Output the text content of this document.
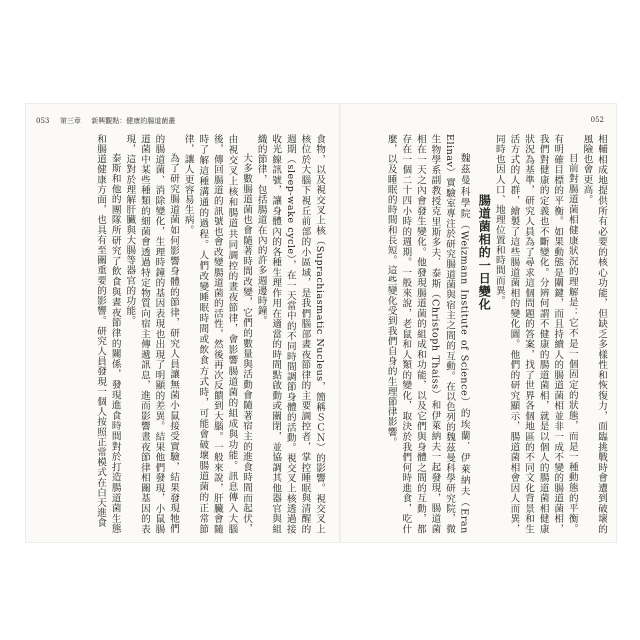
053 第三章 新興觀點：健康的腸道菌叢

食物，以及視交叉上核（Suprachiasmatic Nucleus，簡稱ＳＣＮ）的影響。視交叉上核位於大腦下視丘前部的小區域，是我們腦部晝夜節律的主要調控者，掌控睡眠與清醒的週期（sleep-wake cycle），在一天當中的不同時間調節身體的活動。視交叉上核透過接收光線訊號，讓身體內的各種生理作用在適當的時間點啟動或關閉，並協調其他器官與組織的節律，包括腸道在內的許多週邊時鐘。

大多數腸道菌也會隨著時間改變，它們的數量與活動會隨著宿主的進食時間而起伏，由視交叉上核和腸道共同調控的晝夜節律，會影響腸道菌的組成與功能。訊息傳入大腦後，傳回腸道的訊號也會改變腸道菌的活性，然後再次反饋到大腦。一般來說，肝臟會隨時了解這種溝通的過程。人們改變睡眠時間或飲食方式時，可能會破壞腸道菌的正常節律，讓人更容易生病。

為了研究腸道菌如何影響身體的節律，研究人員讓無菌小鼠接受實驗，結果發現牠們的腸道菌、消除變化，生理時鐘的基因表現也出現了明顯的差異。結果他們發現，小鼠腸道菌中某些種類的細菌會透過特定物質向宿主傳遞訊息，進而影響晝夜節律相關基因的表現，這對於理解肝臟與大腸等器官的功能。

泰斯和他的團隊所研究了飲食與晝夜節律的關係，發現進食時間對於打造腸道菌生態和腸道健康方面，也具有至關重要的影響。研究人員發現一個人按照正常模式在白天進食

052

相輔相成地提供所有必要的核心功能，但缺乏多樣性和恢復力，面臨挑戰時會遭到破壞的風險也會更高。

目前對腸道菌相健康狀況的理解是：它不是一個固定的狀態，而是一種動態的平衡。有明確目標的平衡。如果動態是關鍵，而且持續人的腸道菌相並非一成不變的腸道菌相，我們對健康的定義也不斷變化。分辨何謂不健康的腸道菌相，就是以個人的腸道菌相健康狀況為基準，研究人員為了尋求這個問題的答案，找了世界各個地區的不同文化背景和生活方式的人群，繪製了這些腸道菌相的變化圖。他們的研究顯示，腸道菌相會因人而異，同時也因人口、地理位置和時間而異。

腸道菌相的一日變化

魏茲曼科學院（Weizmann Institute of Science）的埃蘭．伊萊納夫（Eran Elinav）實驗室專注於研究腸道菌與宿主之間的互動。在以色列的魏茲曼科學研究院，微生物學系副教授克里斯多夫．泰斯（Christoph Thaiss）和伊萊納夫一起發現，腸道菌相在一天之內會發生變化。他發現腸道菌的組成和功能，以及它們與身體之間的互動，都存在一個二十四小時的週期。一般來說，老鼠和人類的變化，取決於我們何時進食，吃什麼，以及睡眠的時間和長短。這些變化受到我們自身的生理節律影響。
